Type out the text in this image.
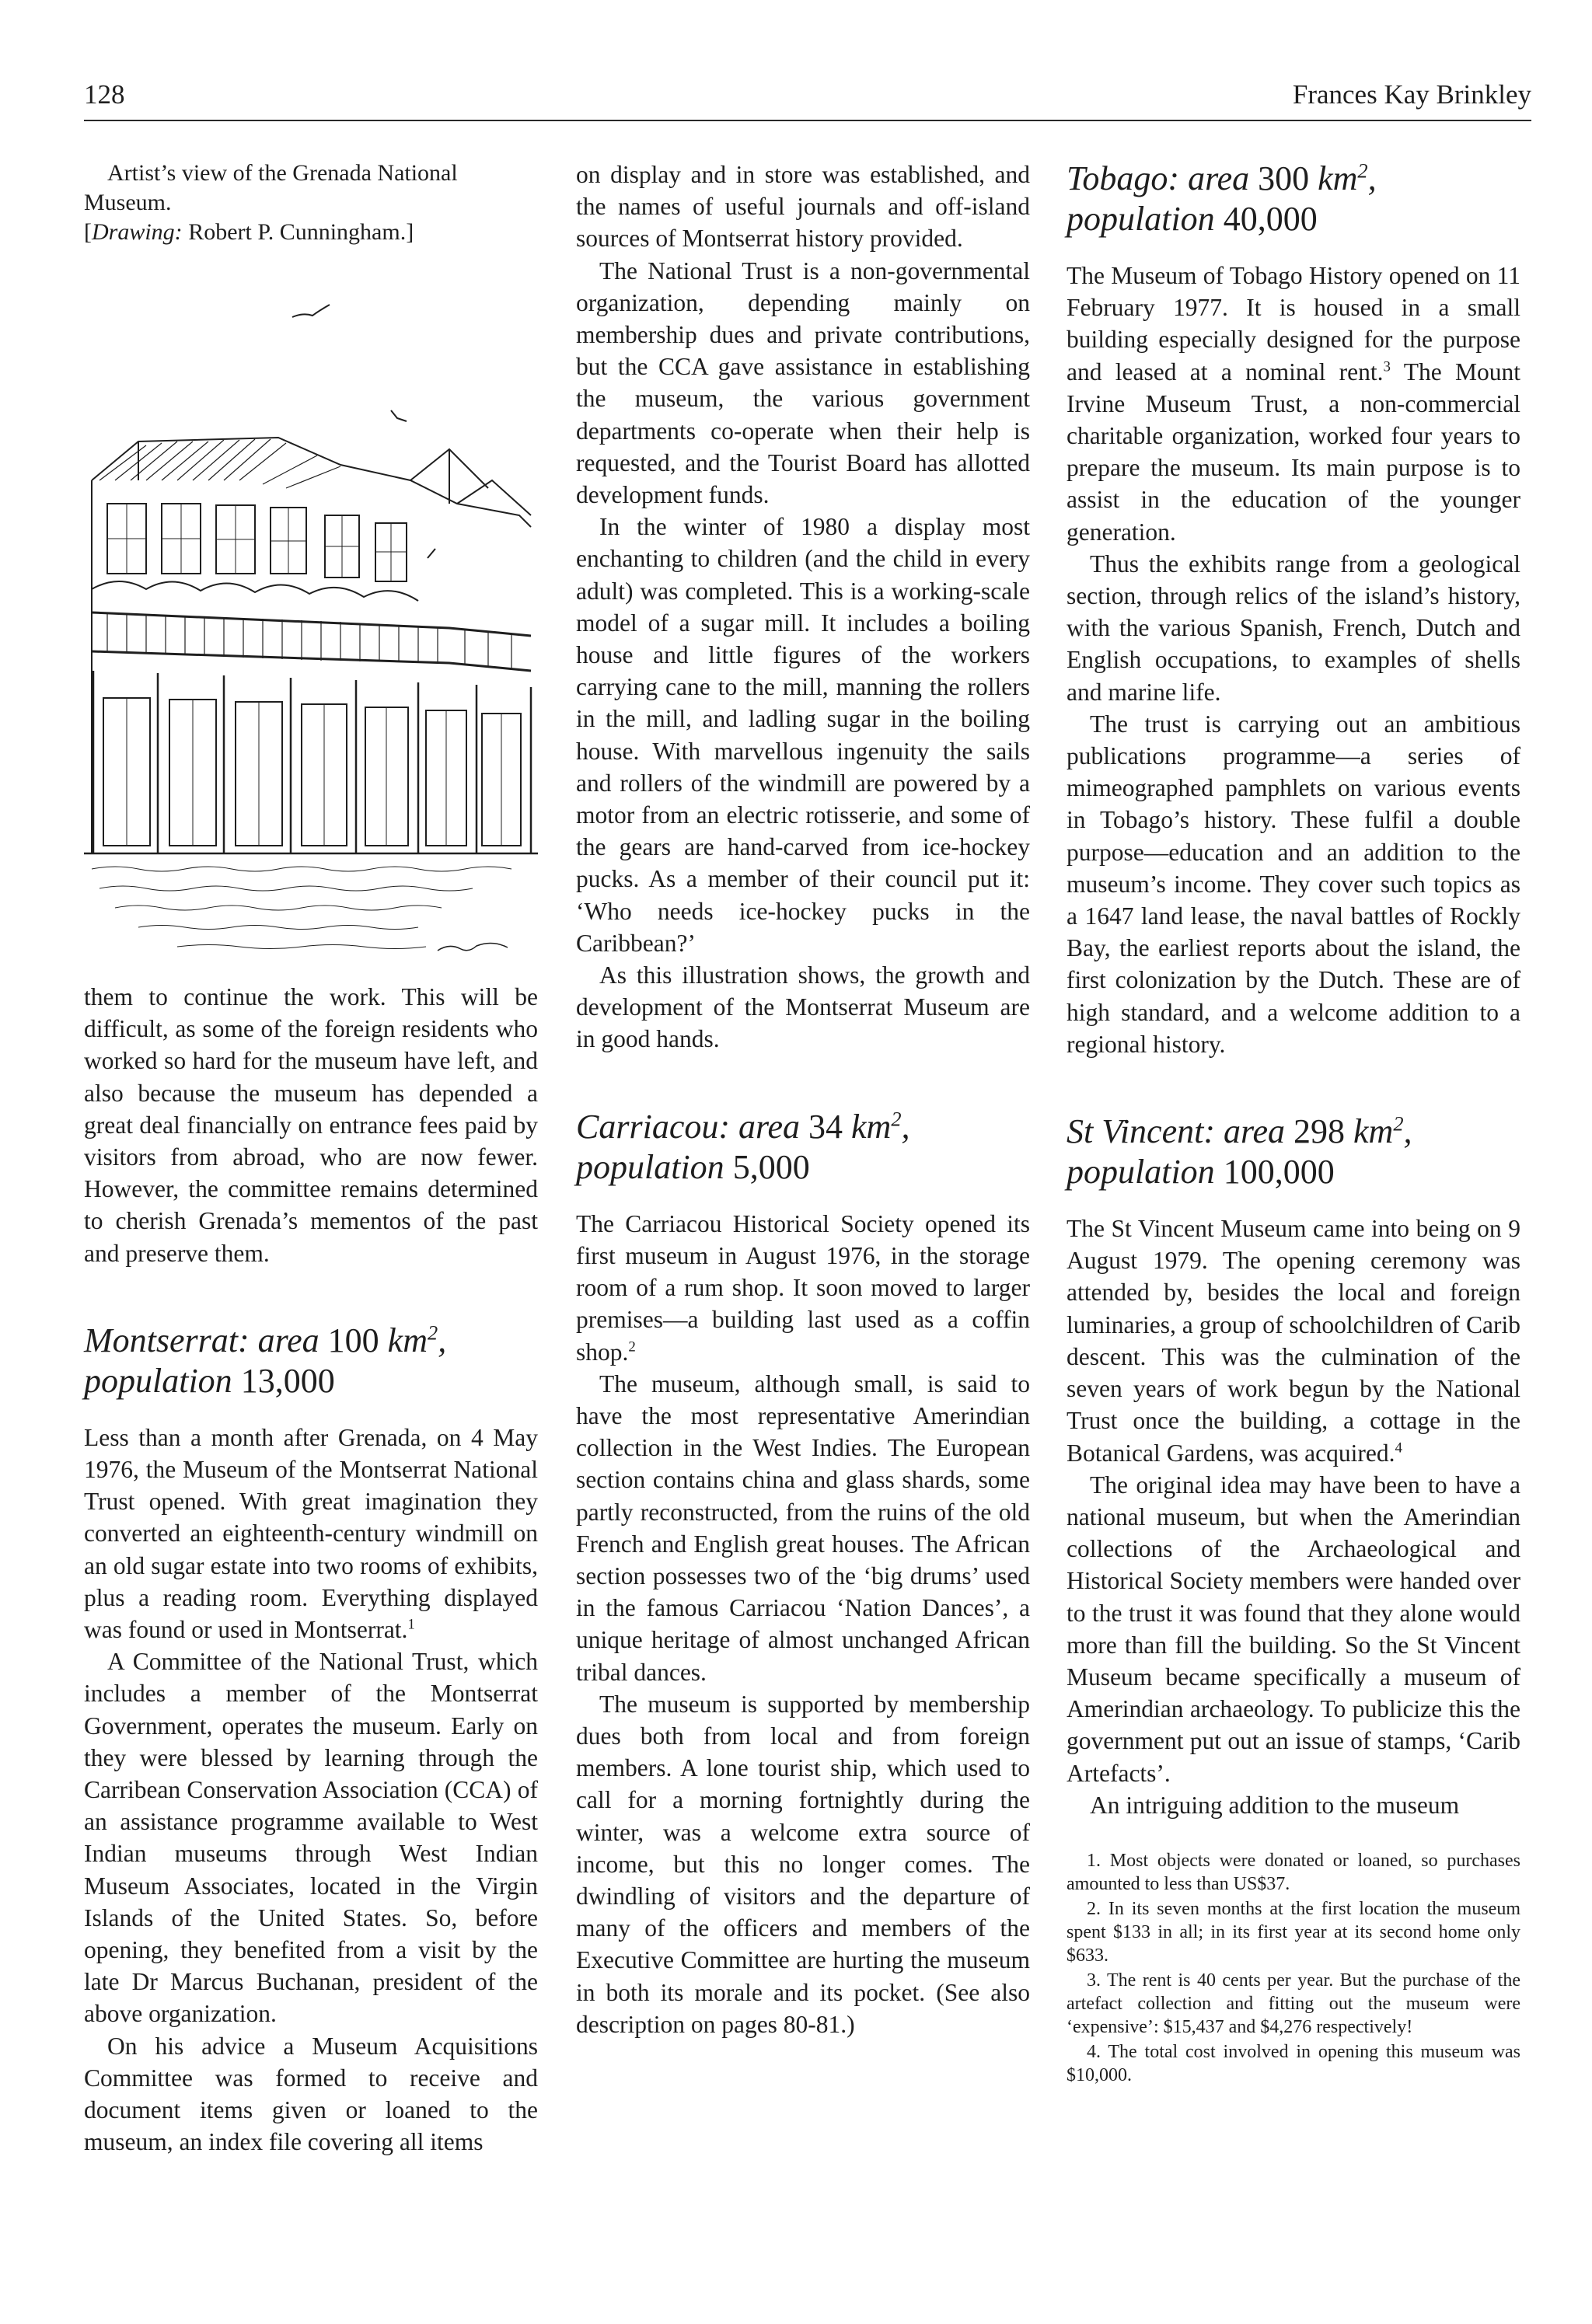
128	Frances Kay Brinkley

Artist’s view of the Grenada National Museum.
[Drawing: Robert P. Cunningham.]

them to continue the work. This will be difficult, as some of the foreign residents who worked so hard for the museum have left, and also because the museum has depended a great deal financially on entrance fees paid by visitors from abroad, who are now fewer. However, the committee remains determined to cherish Grenada’s mementos of the past and preserve them.

Montserrat: area 100 $km^2$, population 13,000

Less than a month after Grenada, on 4 May 1976, the Museum of the Montserrat National Trust opened. With great imagination they converted an eighteenth-century windmill on an old sugar estate into two rooms of exhibits, plus a reading room. Everything displayed was found or used in Montserrat.$^1$

A Committee of the National Trust, which includes a member of the Montserrat Government, operates the museum. Early on they were blessed by learning through the Carribean Conservation Association (CCA) of an assistance programme available to West Indian museums through West Indian Museum Associates, located in the Virgin Islands of the United States. So, before opening, they benefited from a visit by the late Dr Marcus Buchanan, president of the above organization.

On his advice a Museum Acquisitions Committee was formed to receive and document items given or loaned to the museum, an index file covering all items

on display and in store was established, and the names of useful journals and off-island sources of Montserrat history provided.

The National Trust is a non-governmental organization, depending mainly on membership dues and private contributions, but the CCA gave assistance in establishing the museum, the various government departments co-operate when their help is requested, and the Tourist Board has allotted development funds.

In the winter of 1980 a display most enchanting to children (and the child in every adult) was completed. This is a working-scale model of a sugar mill. It includes a boiling house and little figures of the workers carrying cane to the mill, manning the rollers in the mill, and ladling sugar in the boiling house. With marvellous ingenuity the sails and rollers of the windmill are powered by a motor from an electric rotisserie, and some of the gears are hand-carved from ice-hockey pucks. As a member of their council put it: ‘Who needs ice-hockey pucks in the Caribbean?’

As this illustration shows, the growth and development of the Montserrat Museum are in good hands.

Carriacou: area 34 $km^2$, population 5,000

The Carriacou Historical Society opened its first museum in August 1976, in the storage room of a rum shop. It soon moved to larger premises—a building last used as a coffin shop.$^2$

The museum, although small, is said to have the most representative Amerindian collection in the West Indies. The European section contains china and glass shards, some partly reconstructed, from the ruins of the old French and English great houses. The African section possesses two of the ‘big drums’ used in the famous Carriacou ‘Nation Dances’, a unique heritage of almost unchanged African tribal dances.

The museum is supported by membership dues both from local and from foreign members. A lone tourist ship, which used to call for a morning fortnightly during the winter, was a welcome extra source of income, but this no longer comes. The dwindling of visitors and the departure of many of the officers and members of the Executive Committee are hurting the museum in both its morale and its pocket. (See also description on pages 80-81.)

Tobago: area 300 $km^2$, population 40,000

The Museum of Tobago History opened on 11 February 1977. It is housed in a small building especially designed for the purpose and leased at a nominal rent.$^3$ The Mount Irvine Museum Trust, a non-commercial charitable organization, worked four years to prepare the museum. Its main purpose is to assist in the education of the younger generation.

Thus the exhibits range from a geological section, through relics of the island’s history, with the various Spanish, French, Dutch and English occupations, to examples of shells and marine life.

The trust is carrying out an ambitious publications programme—a series of mimeographed pamphlets on various events in Tobago’s history. These fulfil a double purpose—education and an addition to the museum’s income. They cover such topics as a 1647 land lease, the naval battles of Rockly Bay, the earliest reports about the island, the first colonization by the Dutch. These are of high standard, and a welcome addition to a regional history.

St Vincent: area 298 $km^2$, population 100,000

The St Vincent Museum came into being on 9 August 1979. The opening ceremony was attended by, besides the local and foreign luminaries, a group of schoolchildren of Carib descent. This was the culmination of the seven years of work begun by the National Trust once the building, a cottage in the Botanical Gardens, was acquired.$^4$

The original idea may have been to have a national museum, but when the Amerindian collections of the Archaeological and Historical Society members were handed over to the trust it was found that they alone would more than fill the building. So the St Vincent Museum became specifically a museum of Amerindian archaeology. To publicize this the government put out an issue of stamps, ‘Carib Artefacts’.

An intriguing addition to the museum

1. Most objects were donated or loaned, so purchases amounted to less than US$37.

2. In its seven months at the first location the museum spent $133 in all; in its first year at its second home only $633.

3. The rent is 40 cents per year. But the purchase of the artefact collection and fitting out the museum were ‘expensive’: $15,437 and $4,276 respectively!

4. The total cost involved in opening this museum was $10,000.
